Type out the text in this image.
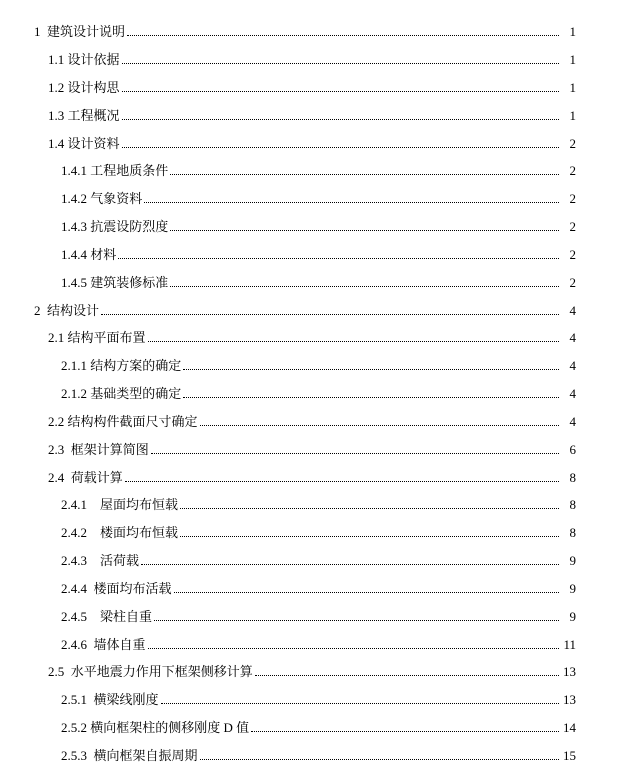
1  建筑设计说明	1
1.1 设计依据	1
1.2 设计构思	1
1.3 工程概况	1
1.4 设计资料	2
1.4.1 工程地质条件	2
1.4.2 气象资料	2
1.4.3 抗震设防烈度	2
1.4.4 材料	2
1.4.5 建筑装修标准	2
2  结构设计	4
2.1 结构平面布置	4
2.1.1 结构方案的确定	4
2.1.2 基础类型的确定	4
2.2 结构构件截面尺寸确定	4
2.3  框架计算简图	6
2.4  荷载计算	8
2.4.1    屋面均布恒载	8
2.4.2    楼面均布恒载	8
2.4.3    活荷载	9
2.4.4  楼面均布活载	9
2.4.5    梁柱自重	9
2.4.6  墙体自重	11
2.5  水平地震力作用下框架侧移计算	13
2.5.1  横梁线刚度	13
2.5.2 横向框架柱的侧移刚度 D 值	14
2.5.3  横向框架自振周期	15
